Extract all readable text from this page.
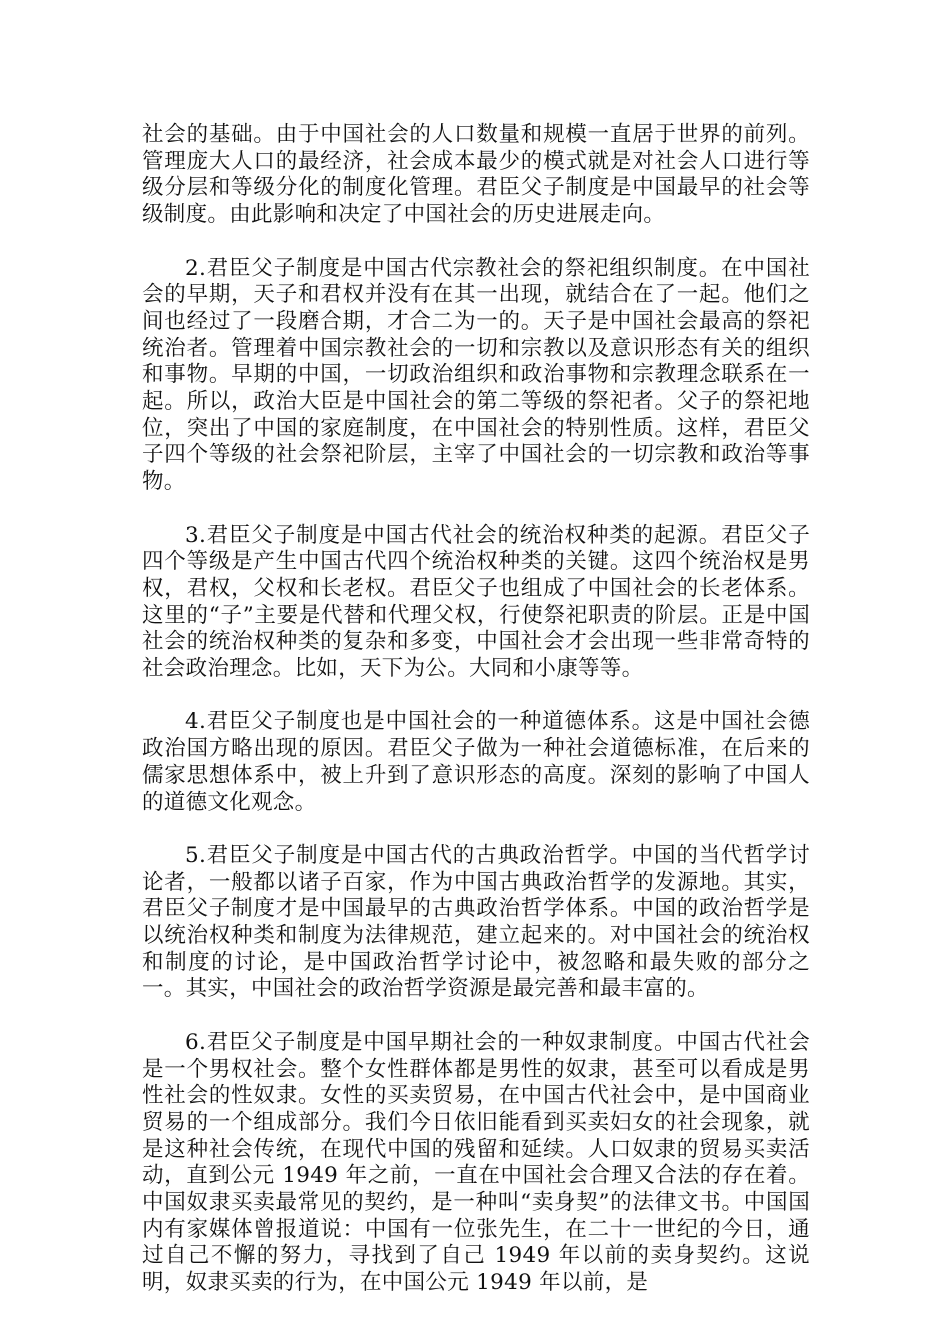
社会的基础。由于中国社会的人口数量和规模一直居于世界的前列。管理庞大人口的最经济，社会成本最少的模式就是对社会人口进行等级分层和等级分化的制度化管理。君臣父子制度是中国最早的社会等级制度。由此影响和决定了中国社会的历史进展走向。

2.君臣父子制度是中国古代宗教社会的祭祀组织制度。在中国社会的早期，天子和君权并没有在其一出现，就结合在了一起。他们之间也经过了一段磨合期，才合二为一的。天子是中国社会最高的祭祀统治者。管理着中国宗教社会的一切和宗教以及意识形态有关的组织和事物。早期的中国，一切政治组织和政治事物和宗教理念联系在一起。所以，政治大臣是中国社会的第二等级的祭祀者。父子的祭祀地位，突出了中国的家庭制度，在中国社会的特别性质。这样，君臣父子四个等级的社会祭祀阶层，主宰了中国社会的一切宗教和政治等事物。

3.君臣父子制度是中国古代社会的统治权种类的起源。君臣父子四个等级是产生中国古代四个统治权种类的关键。这四个统治权是男权，君权，父权和长老权。君臣父子也组成了中国社会的长老体系。这里的“子”主要是代替和代理父权，行使祭祀职责的阶层。正是中国社会的统治权种类的复杂和多变，中国社会才会出现一些非常奇特的社会政治理念。比如，天下为公。大同和小康等等。

4.君臣父子制度也是中国社会的一种道德体系。这是中国社会德政治国方略出现的原因。君臣父子做为一种社会道德标准，在后来的儒家思想体系中，被上升到了意识形态的高度。深刻的影响了中国人的道德文化观念。

5.君臣父子制度是中国古代的古典政治哲学。中国的当代哲学讨论者，一般都以诸子百家，作为中国古典政治哲学的发源地。其实，君臣父子制度才是中国最早的古典政治哲学体系。中国的政治哲学是以统治权种类和制度为法律规范，建立起来的。对中国社会的统治权和制度的讨论，是中国政治哲学讨论中，被忽略和最失败的部分之一。其实，中国社会的政治哲学资源是最完善和最丰富的。

6.君臣父子制度是中国早期社会的一种奴隶制度。中国古代社会是一个男权社会。整个女性群体都是男性的奴隶，甚至可以看成是男性社会的性奴隶。女性的买卖贸易，在中国古代社会中，是中国商业贸易的一个组成部分。我们今日依旧能看到买卖妇女的社会现象，就是这种社会传统，在现代中国的残留和延续。人口奴隶的贸易买卖活动，直到公元 1949 年之前，一直在中国社会合理又合法的存在着。中国奴隶买卖最常见的契约，是一种叫“卖身契”的法律文书。中国国内有家媒体曾报道说：中国有一位张先生，在二十一世纪的今日，通过自己不懈的努力，寻找到了自己 1949 年以前的卖身契约。这说明，奴隶买卖的行为，在中国公元 1949 年以前，是
